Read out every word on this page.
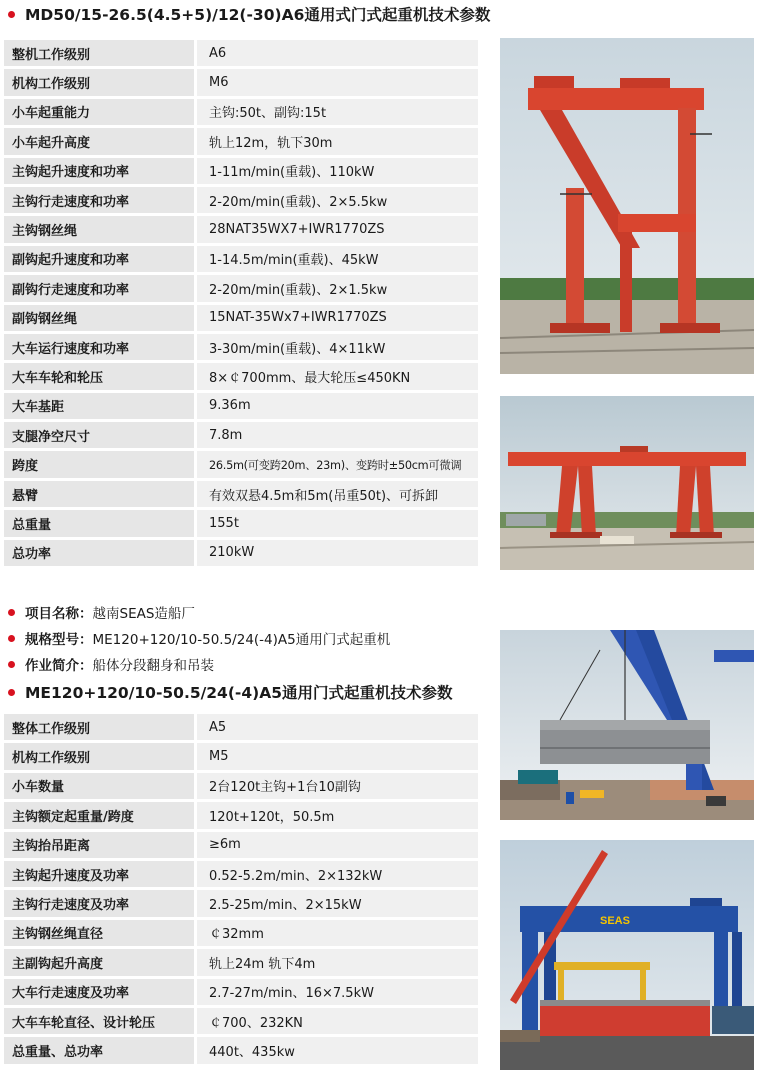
MD50/15-26.5(4.5+5)/12(-30)A6通用式门式起重机技术参数
整机工作级别	A6
机构工作级别	M6
小车起重能力	主钩:50t、副钩:15t
小车起升高度	轨上12m，轨下30m
主钩起升速度和功率	1-11m/min(重载)、110kW
主钩行走速度和功率	2-20m/min(重载)、2×5.5kw
主钩钢丝绳	28NAT35WX7+IWR1770ZS
副钩起升速度和功率	1-14.5m/min(重载)、45kW
副钩行走速度和功率	2-20m/min(重载)、2×1.5kw
副钩钢丝绳	15NAT-35Wx7+IWR1770ZS
大车运行速度和功率	3-30m/min(重载)、4×11kW
大车车轮和轮压	8×￠700mm、最大轮压≤450KN
大车基距	9.36m
支腿净空尺寸	7.8m
跨度	26.5m(可变跨20m、23m)、变跨时±50cm可微调
悬臂	有效双悬4.5m和5m(吊重50t)、可拆卸
总重量	155t
总功率	210kW
项目名称： 越南SEAS造船厂
规格型号： ME120+120/10-50.5/24(-4)A5通用门式起重机
作业简介： 船体分段翻身和吊装
ME120+120/10-50.5/24(-4)A5通用门式起重机技术参数
整体工作级别	A5
机构工作级别	M5
小车数量	2台120t主钩+1台10副钩
主钩额定起重量/跨度	120t+120t，50.5m
主钩抬吊距离	≥6m
主钩起升速度及功率	0.52-5.2m/min、2×132kW
主钩行走速度及功率	2.5-25m/min、2×15kW
主钩钢丝绳直径	￠32mm
主副钩起升高度	轨上24m 轨下4m
大车行走速度及功率	2.7-27m/min、16×7.5kW
大车车轮直径、设计轮压	￠700、232KN
总重量、总功率	440t、435kw
SEAS
